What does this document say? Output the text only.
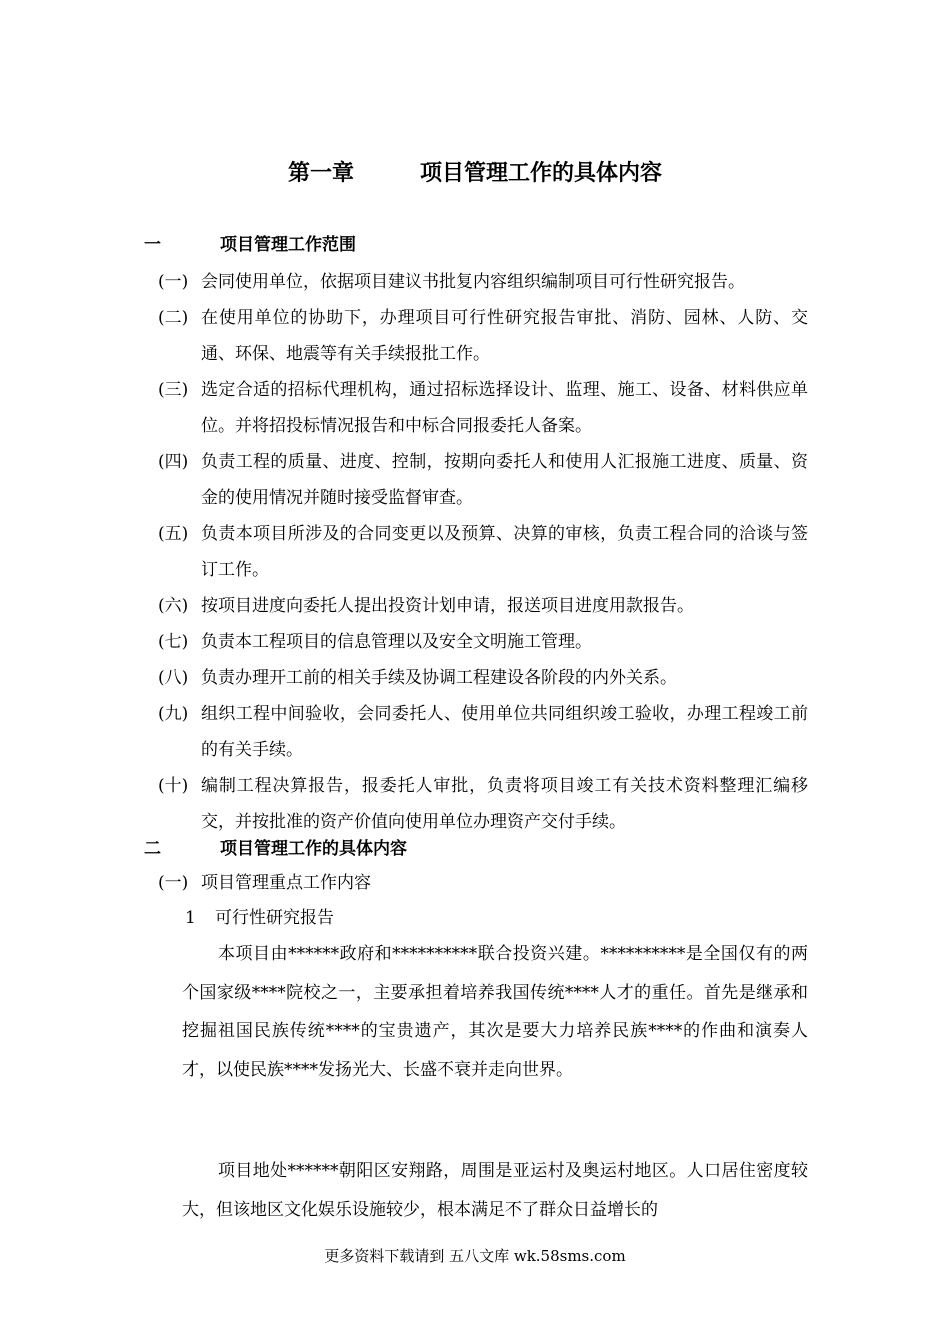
第一章	项目管理工作的具体内容
一	项目管理工作范围
(一) 会同使用单位，依据项目建议书批复内容组织编制项目可行性研究报告。
(二) 在使用单位的协助下，办理项目可行性研究报告审批、消防、园林、人防、交通、环保、地震等有关手续报批工作。
(三) 选定合适的招标代理机构，通过招标选择设计、监理、施工、设备、材料供应单位。并将招投标情况报告和中标合同报委托人备案。
(四) 负责工程的质量、进度、控制，按期向委托人和使用人汇报施工进度、质量、资金的使用情况并随时接受监督审查。
(五) 负责本项目所涉及的合同变更以及预算、决算的审核，负责工程合同的洽谈与签订工作。
(六) 按项目进度向委托人提出投资计划申请，报送项目进度用款报告。
(七) 负责本工程项目的信息管理以及安全文明施工管理。
(八) 负责办理开工前的相关手续及协调工程建设各阶段的内外关系。
(九) 组织工程中间验收，会同委托人、使用单位共同组织竣工验收，办理工程竣工前的有关手续。
(十) 编制工程决算报告，报委托人审批，负责将项目竣工有关技术资料整理汇编移交，并按批准的资产价值向使用单位办理资产交付手续。
二	项目管理工作的具体内容
(一) 项目管理重点工作内容
1 可行性研究报告
本项目由******政府和**********联合投资兴建。**********是全国仅有的两个国家级****院校之一，主要承担着培养我国传统****人才的重任。首先是继承和挖掘祖国民族传统****的宝贵遗产，其次是要大力培养民族****的作曲和演奏人才，以使民族****发扬光大、长盛不衰并走向世界。
项目地处******朝阳区安翔路，周围是亚运村及奥运村地区。人口居住密度较大，但该地区文化娱乐设施较少，根本满足不了群众日益增长的
更多资料下载请到 五八文库 wk.58sms.com
